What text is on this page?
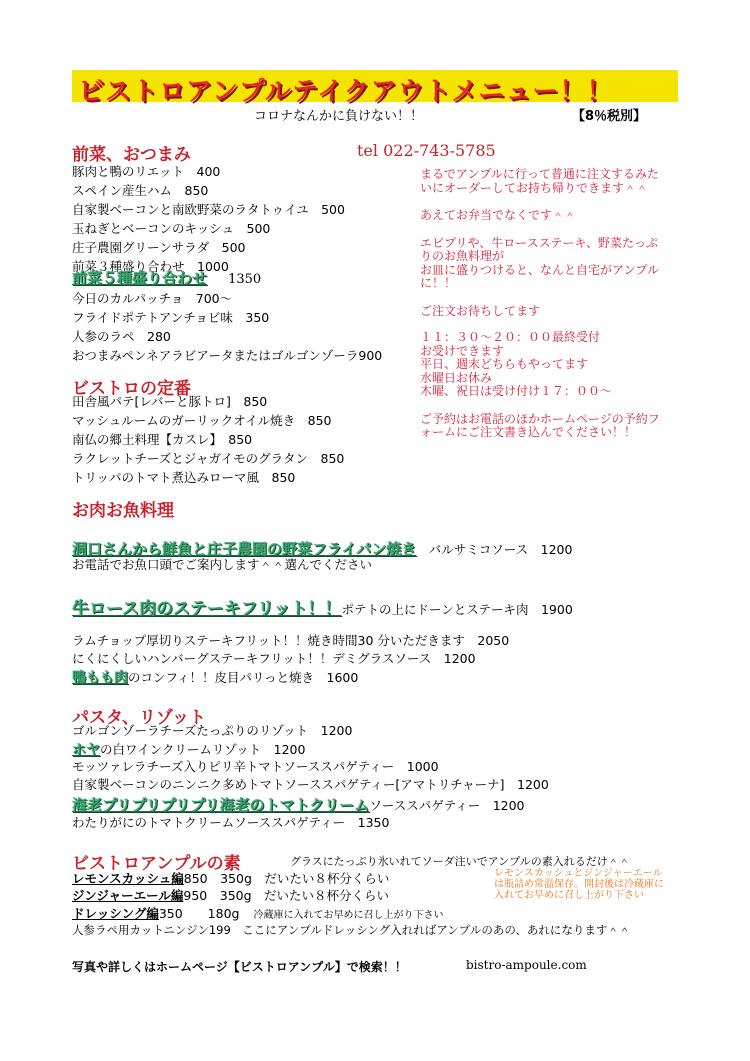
ビストロアンプルテイクアウトメニュー！！
コロナなんかに負けない！！	【8％税別】
前菜、おつまみ	tel 022-743-5785
豚肉と鴨のリエット　400
スペイン産生ハム　850
自家製ベーコンと南欧野菜のラタトゥイユ　500
玉ねぎとベーコンのキッシュ　500
庄子農園グリーンサラダ　500
前菜３種盛り合わせ　1000
前菜５種盛り合わせ 1350
今日のカルパッチョ　700～
フライドポテトアンチョビ味　350
人参のラペ　280
おつまみペンネアラビアータまたはゴルゴンゾーラ900
ビストロの定番
田舎風パテ[レバーと豚トロ]　850
マッシュルームのガーリックオイル焼き　850
南仏の郷土料理【カスレ】　850
ラクレットチーズとジャガイモのグラタン　850
トリッパのトマト煮込みローマ風　850
まるでアンプルに行って普通に注文するみたいにオーダーしてお持ち帰りできます＾＾
あえてお弁当でなくです＾＾
エビプリや、牛ロースステーキ、野菜たっぷりのお魚料理が
お皿に盛りつけると、なんと自宅がアンプルに！！
ご注文お待ちしてます
１１：３０～２０：００最終受付
お受けできます
平日、週末どちらもやってます
水曜日お休み
木曜、祝日は受け付け１７：００～
ご予約はお電話のほかホームページの予約フォームにご注文書き込んでください！！
お肉お魚料理
洞口さんから鮮魚と庄子農園の野菜フライパン焼き　バルサミコソース　1200
お電話でお魚口頭でご案内します＾＾選んでください
牛ロース肉のステーキフリット！！ポテトの上にドーンとステーキ肉　1900
ラムチョップ厚切りステーキフリット！！焼き時間30 分いただきます　2050
にくにくしいハンバーグステーキフリット！！デミグラスソース　1200
鴨もも肉のコンフィ！！皮目パリっと焼き　1600
パスタ、リゾット
ゴルゴンゾーラチーズたっぷりのリゾット　1200
ホヤの白ワインクリームリゾット　1200
モッツァレラチーズ入りピリ辛トマトソーススパゲティー　1000
自家製ベーコンのニンニク多めトマトソーススパゲティー[アマトリチャーナ]　1200
海老プリプリプリプリ海老のトマトクリームソーススパゲティー　1200
わたりがにのトマトクリームソーススパゲティー　1350
ビストロアンプルの素	グラスにたっぷり氷いれてソーダ注いでアンプルの素入れるだけ＾＾
レモンスカッシュ編850　350g　だいたい８杯分くらい
ジンジャーエール編950　350g　だいたい８杯分くらい
ドレッシング編350　　180g 冷蔵庫に入れてお早めに召し上がり下さい
人参ラペ用カットニンジン199　ここにアンプルドレッシング入れればアンプルのあの、あれになります＾＾
レモンスカッシュとジンジャーエールは瓶詰め常温保存。開封後は冷蔵庫に入れてお早めに召し上がり下さい
写真や詳しくはホームページ【ビストロアンプル】で検索！！	bistro-ampoule.com
